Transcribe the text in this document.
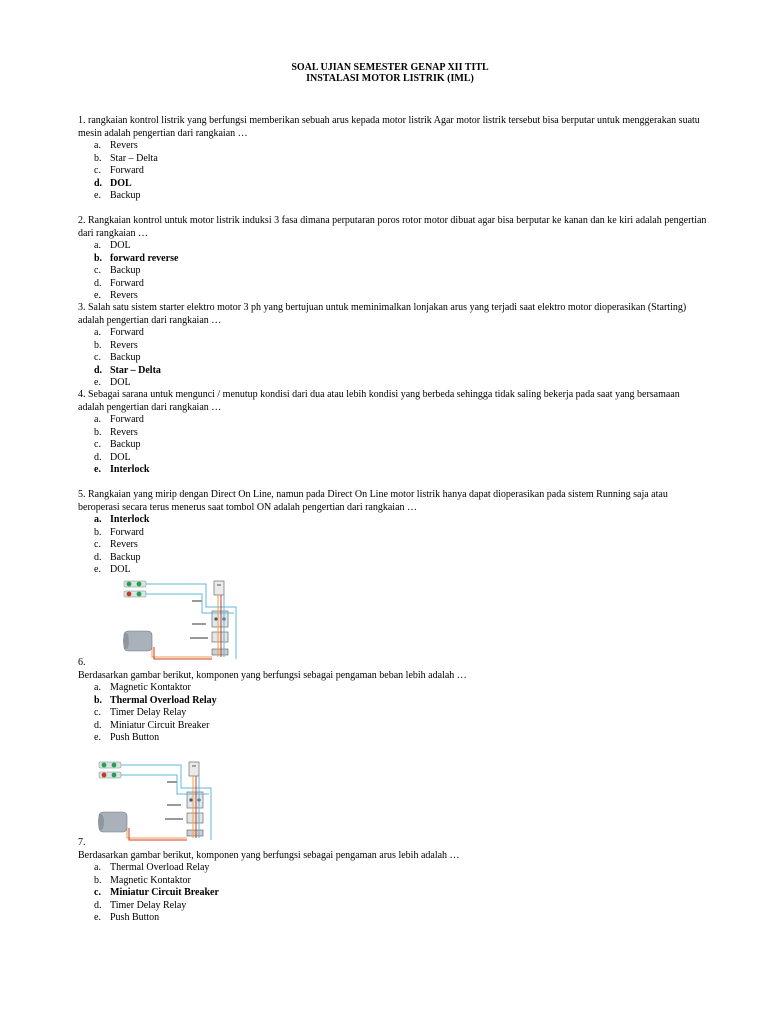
SOAL UJIAN SEMESTER GENAP XII TITL
INSTALASI MOTOR LISTRIK (IML)
1. rangkaian kontrol listrik yang berfungsi memberikan sebuah arus kepada motor listrik Agar motor listrik tersebut bisa berputar untuk menggerakan suatu mesin adalah pengertian dari rangkaian …
a. Revers
b. Star – Delta
c. Forward
d. DOL
e. Backup
2. Rangkaian kontrol untuk motor listrik induksi 3 fasa dimana perputaran poros rotor motor dibuat agar bisa berputar ke kanan dan ke kiri adalah pengertian dari rangkaian …
a. DOL
b. forward reverse
c. Backup
d. Forward
e. Revers
3. Salah satu sistem starter elektro motor 3 ph yang bertujuan untuk meminimalkan lonjakan arus yang terjadi saat elektro motor dioperasikan (Starting) adalah pengertian dari rangkaian …
a. Forward
b. Revers
c. Backup
d. Star – Delta
e. DOL
4. Sebagai sarana untuk mengunci / menutup kondisi dari dua atau lebih kondisi yang berbeda sehingga tidak saling bekerja pada saat yang bersamaan adalah pengertian dari rangkaian …
a. Forward
b. Revers
c. Backup
d. DOL
e. Interlock
5. Rangkaian yang mirip dengan Direct On Line, namun pada Direct On Line motor listrik hanya dapat dioperasikan pada sistem Running saja atau beroperasi secara terus menerus saat tombol ON adalah pengertian dari rangkaian …
a. Interlock
b. Forward
c. Revers
d. Backup
e. DOL
6.
Berdasarkan gambar berikut, komponen yang berfungsi sebagai pengaman beban lebih adalah …
a. Magnetic Kontaktor
b. Thermal Overload Relay
c. Timer Delay Relay
d. Miniatur Circuit Breaker
e. Push Button
7.
Berdasarkan gambar berikut, komponen yang berfungsi sebagai pengaman arus lebih adalah …
a. Thermal Overload Relay
b. Magnetic Kontaktor
c. Miniatur Circuit Breaker
d. Timer Delay Relay
e. Push Button
